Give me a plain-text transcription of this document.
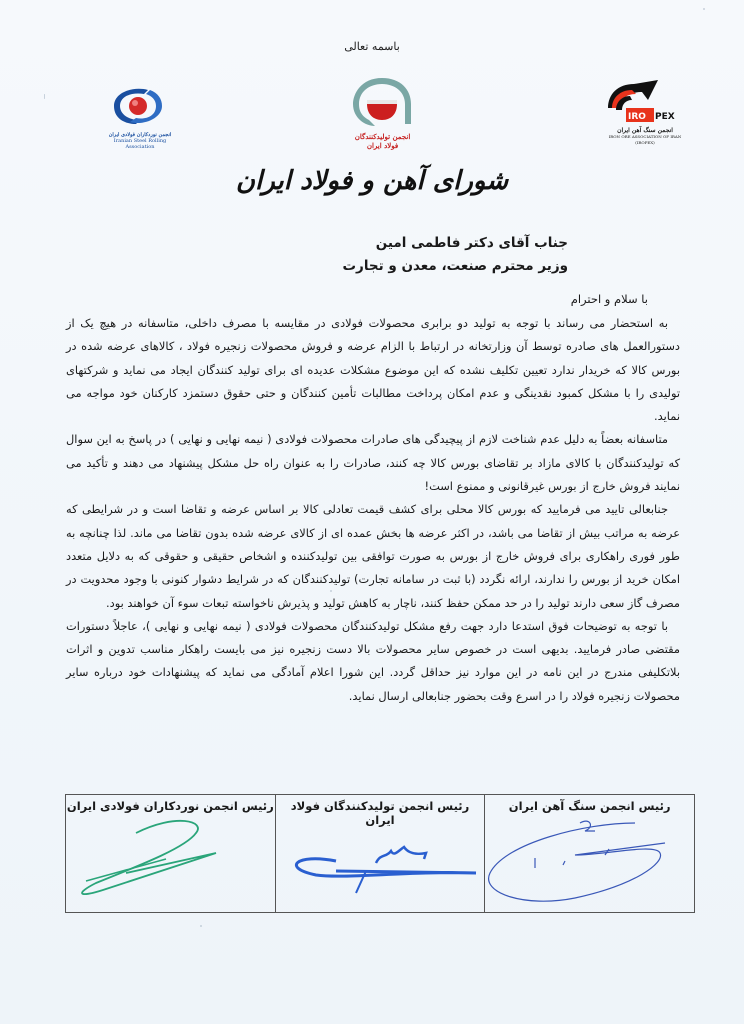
باسمه تعالی
انجمن نوردکاران فولادی ایران
Iranian Steel Rolling Association
انجمن تولیدکنندگان
فولاد ایران
IRO PEX
انجمن سنگ آهن ایران
IRON ORE ASSOCIATION OF IRAN (IROPEX)
شورای آهن و فولاد ایران
جناب آقای دکتر فاطمی امین
وزیر محترم صنعت، معدن و تجارت
با سلام و احترام

به استحضار می رساند با توجه به تولید دو برابری محصولات فولادی در مقایسه با مصرف داخلی، متاسفانه در هیچ یک از دستورالعمل های صادره توسط آن وزارتخانه در ارتباط با الزام عرضه و فروش محصولات زنجیره فولاد ، کالاهای عرضه شده در بورس کالا که خریدار ندارد تعیین تکلیف نشده که این موضوع مشکلات عدیده ای برای تولید کنندگان ایجاد می نماید و شرکتهای تولیدی را با مشکل کمبود نقدینگی و عدم امکان پرداخت مطالبات تأمین کنندگان و حتی حقوق دستمزد کارکنان خود مواجه می نماید.

متاسفانه بعضاً به دلیل عدم شناخت لازم از پیچیدگی های صادرات محصولات فولادی ( نیمه نهایی و نهایی ) در پاسخ به این سوال که تولیدکنندگان با کالای مازاد بر تقاضای بورس کالا چه کنند، صادرات را به عنوان راه حل مشکل پیشنهاد می دهند و تأکید می نمایند فروش خارج از بورس غیرقانونی و ممنوع است!

جنابعالی تایید می فرمایید که بورس کالا محلی برای کشف قیمت تعادلی کالا بر اساس عرضه و تقاضا است و در شرایطی که عرضه به مراتب بیش از تقاضا می باشد، در اکثر عرضه ها بخش عمده ای از کالای عرضه شده بدون تقاضا می ماند. لذا چنانچه به طور فوری راهکاری برای فروش خارج از بورس به صورت توافقی بین تولیدکننده و اشخاص حقیقی و حقوقی که به دلایل متعدد امکان خرید از بورس را ندارند، ارائه نگردد (با ثبت در سامانه تجارت) تولیدکنندگان که در شرایط دشوار کنونی با وجود محدویت در مصرف گاز سعی دارند تولید را در حد ممکن حفظ کنند، ناچار به کاهش تولید و پذیرش ناخواسته تبعات سوء آن خواهند بود.

با توجه به توضیحات فوق استدعا دارد جهت رفع مشکل تولیدکنندگان محصولات فولادی ( نیمه نهایی و نهایی )، عاجلاً دستورات مقتضی صادر فرمایید. بدیهی است در خصوص سایر محصولات بالا دست زنجیره نیز می بایست راهکار مناسب تدوین و اثرات بلاتکلیفی مندرج در این نامه در این موارد نیز حداقل گردد. این شورا اعلام آمادگی می نماید که پیشنهادات خود درباره سایر محصولات زنجیره فولاد را در اسرع وقت بحضور جنابعالی ارسال نماید.

رئیس انجمن سنگ آهن ایران
رئیس انجمن تولیدکنندگان فولاد ایران
رئیس انجمن نوردکاران فولادی ایران
